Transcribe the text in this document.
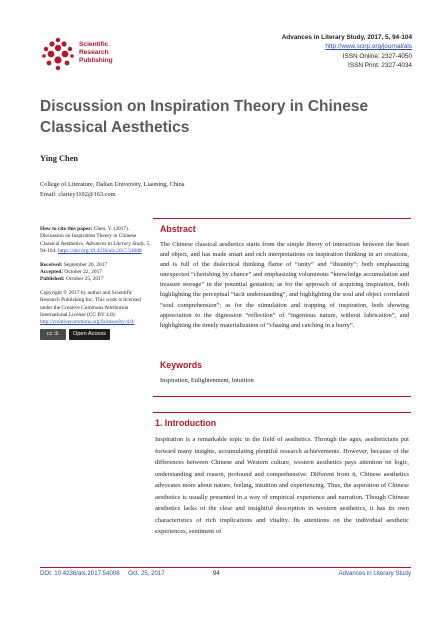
Scientific
Research
Publishing
Advances in Literary Study, 2017, 5, 94-104
http://www.scirp.org/journal/als
ISSN Online: 2327-4050
ISSN Print: 2327-4034
Discussion on Inspiration Theory in Chinese Classical Aesthetics
Ying Chen
College of Literature, Dalian University, Liaoning, China
Email: clariey1102@163.com

How to cite this paper: Chen, Y. (2017). Discussion on Inspiration Theory in Chinese Classical Aesthetics. Advances in Literary Study, 5, 94-104. https://doi.org/10.4236/als.2017.54008

Received: September 26, 2017

Accepted: October 22, 2017

Published: October 25, 2017

Copyright © 2017 by author and Scientific Research Publishing Inc. This work is licensed under the Creative Commons Attribution International License (CC BY 4.0).

http://creativecommons.org/licenses/by/4.0/

cc ①	Open Access
Abstract
The Chinese classical aesthetics starts from the simple theory of interaction between the heart and object, and has made smart and rich interpretations on inspiration thinking in art creations, and is full of the dialectical thinking flame of “unity” and “disunity”: both emphasizing unexpected “cherishing by chance” and emphasizing voluminous “knowledge accumulation and treasure storage” in the potential gestation; as for the approach of acquiring inspiration, both highlighting the perceptual “tacit understanding”, and highlighting the soul and object correlated “soul comprehension”; as for the stimulation and trapping of inspiration, both showing appreciation to the digression “reflection” of “ingenious nature, without fabrication”, and highlighting the timely materialization of “chasing and catching in a hurry”.
Keywords
Inspiration, Enlightenment, Intuition
1. Introduction
Inspiration is a remarkable topic in the field of aesthetics. Through the ages, aestheticians put forward many insights, accumulating plentiful research achievements. However, because of the differences between Chinese and Western culture, western aesthetics pays attention on logic, understanding and reason, profound and comprehensive. Different from it, Chinese aesthetics advocates more about nature, feeling, intuition and experiencing. Thus, the aspiration of Chinese aesthetics is usually presented in a way of empirical experience and narration. Though Chinese aesthetics lacks of the clear and insightful description in western aesthetics, it has its own characteristics of rich implications and vitality. Its attentions on the individual aesthetic experiences, sentiment of
DOI: 10.4236/als.2017.54008 Oct. 25, 2017	94	Advances in Literary Study
